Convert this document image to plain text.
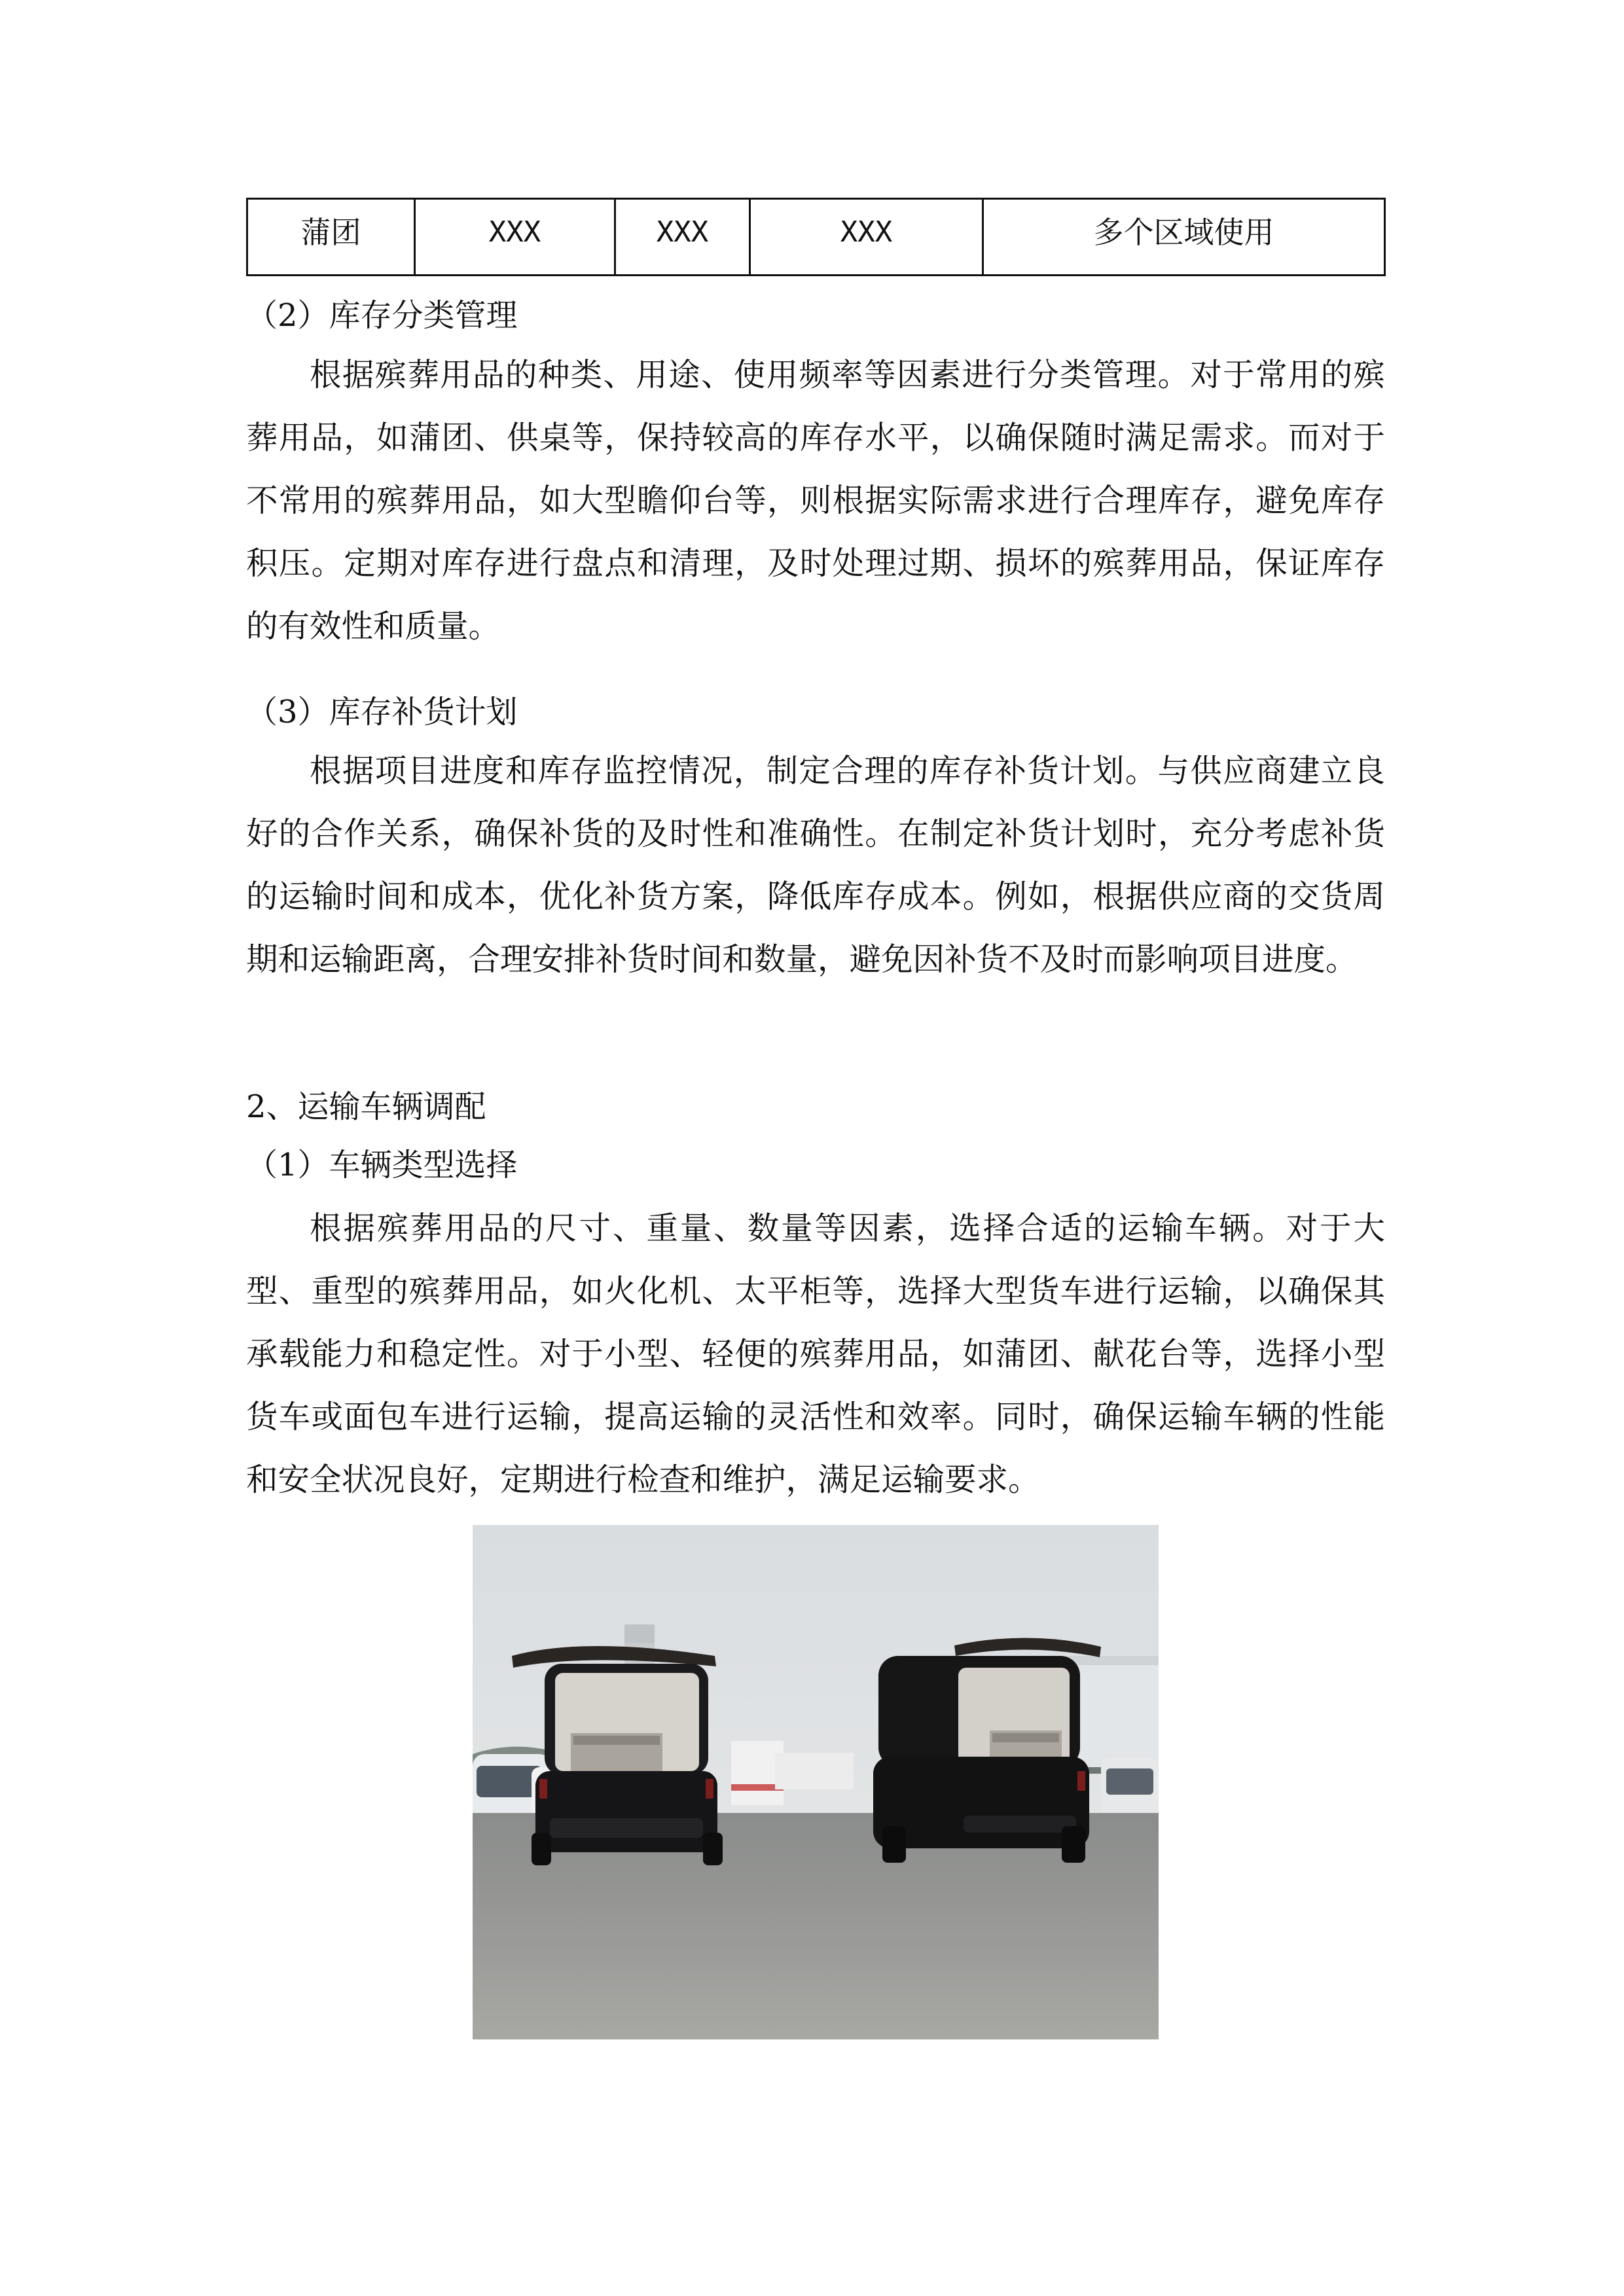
蒲团	XXX	XXX	XXX	多个区域使用

（2）库存分类管理

根据殡葬用品的种类、用途、使用频率等因素进行分类管理。对于常用的殡葬用品，如蒲团、供桌等，保持较高的库存水平，以确保随时满足需求。而对于不常用的殡葬用品，如大型瞻仰台等，则根据实际需求进行合理库存，避免库存积压。定期对库存进行盘点和清理，及时处理过期、损坏的殡葬用品，保证库存的有效性和质量。

（3）库存补货计划

根据项目进度和库存监控情况，制定合理的库存补货计划。与供应商建立良好的合作关系，确保补货的及时性和准确性。在制定补货计划时，充分考虑补货的运输时间和成本，优化补货方案，降低库存成本。例如，根据供应商的交货周期和运输距离，合理安排补货时间和数量，避免因补货不及时而影响项目进度。

2、运输车辆调配

（1）车辆类型选择

根据殡葬用品的尺寸、重量、数量等因素，选择合适的运输车辆。对于大型、重型的殡葬用品，如火化机、太平柜等，选择大型货车进行运输，以确保其承载能力和稳定性。对于小型、轻便的殡葬用品，如蒲团、献花台等，选择小型货车或面包车进行运输，提高运输的灵活性和效率。同时，确保运输车辆的性能和安全状况良好，定期进行检查和维护，满足运输要求。
